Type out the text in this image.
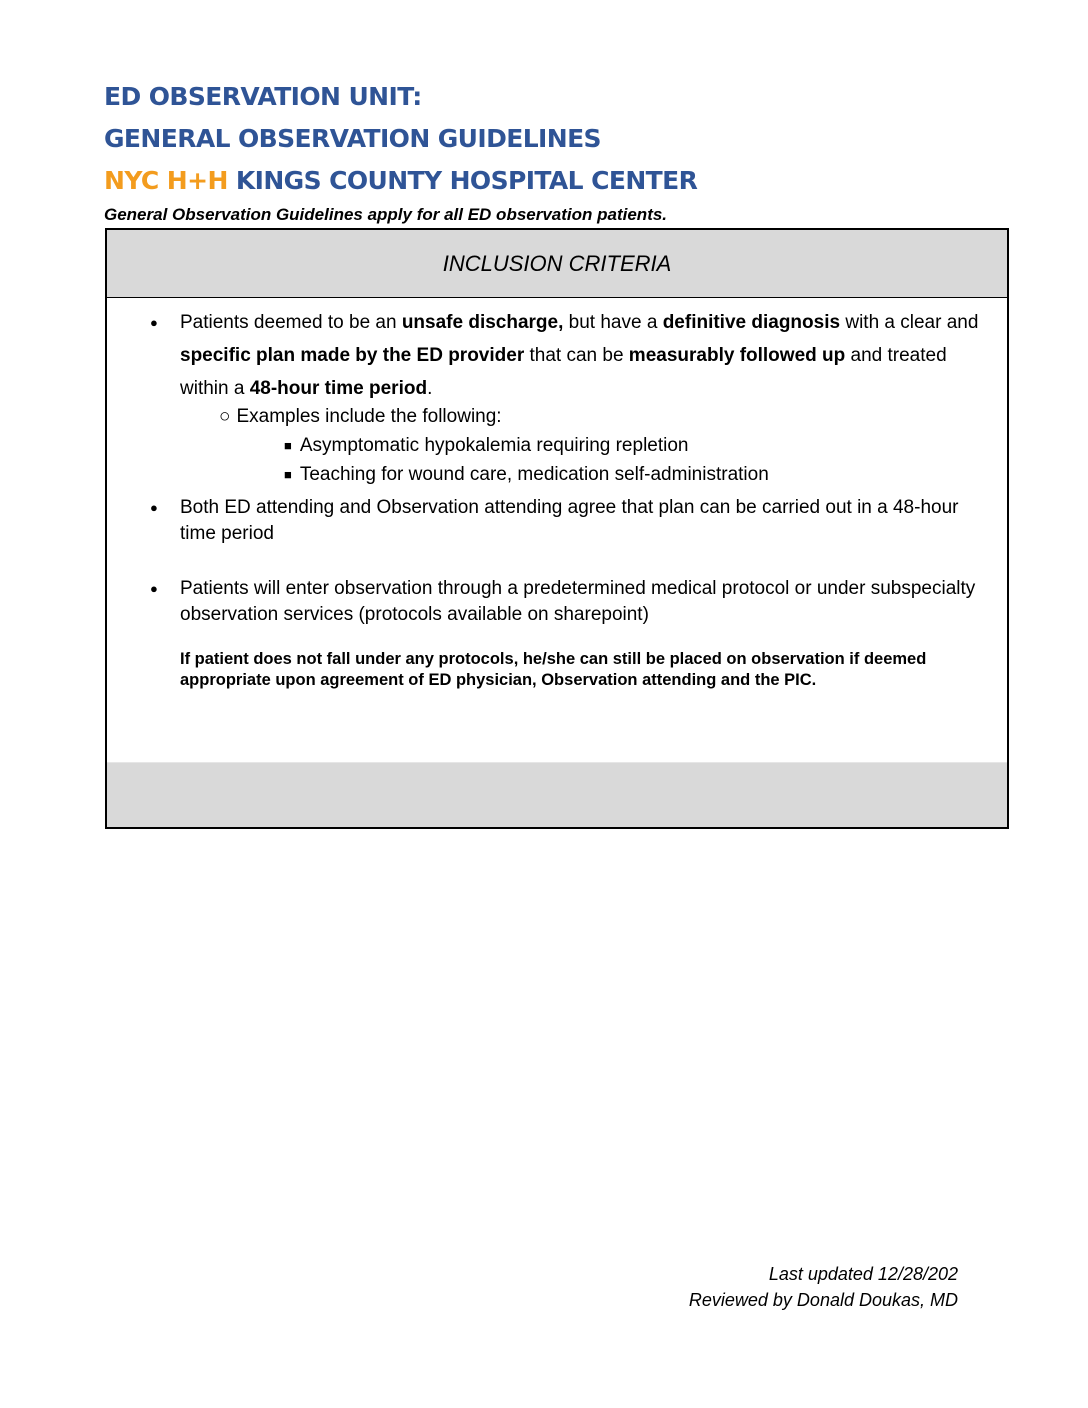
ED OBSERVATION UNIT:
GENERAL OBSERVATION GUIDELINES
NYC H+H KINGS COUNTY HOSPITAL CENTER

General Observation Guidelines apply for all ED observation patients.

INCLUSION CRITERIA
● Patients deemed to be an unsafe discharge, but have a definitive diagnosis with a clear and specific plan made by the ED provider that can be measurably followed up and treated within a 48-hour time period.
○ Examples include the following:
■ Asymptomatic hypokalemia requiring repletion
■ Teaching for wound care, medication self-administration
● Both ED attending and Observation attending agree that plan can be carried out in a 48-hour time period
● Patients will enter observation through a predetermined medical protocol or under subspecialty observation services (protocols available on sharepoint)
If patient does not fall under any protocols, he/she can still be placed on observation if deemed appropriate upon agreement of ED physician, Observation attending and the PIC.

Last updated 12/28/202

Reviewed by Donald Doukas, MD
